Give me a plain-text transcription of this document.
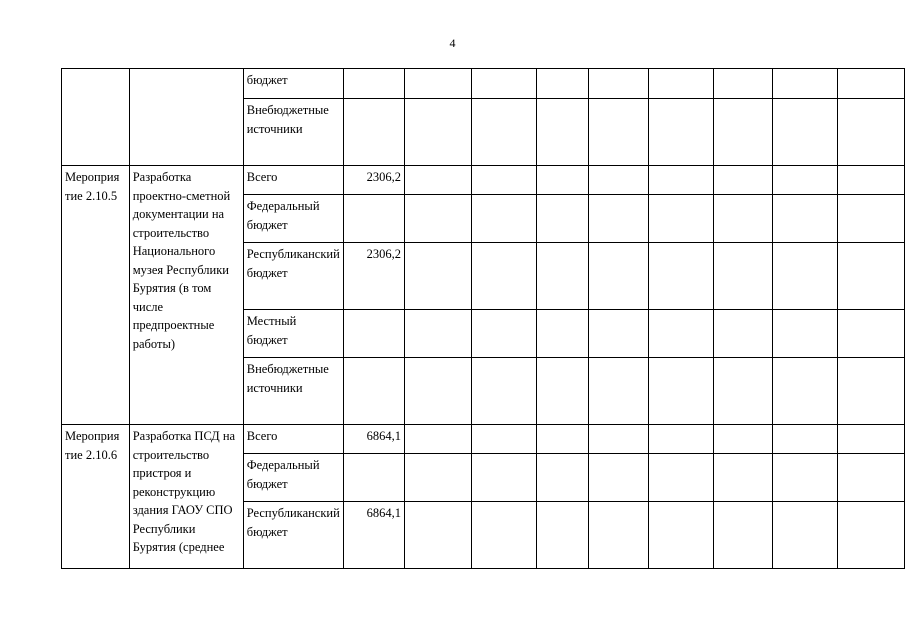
4
		бюджет									
		Внебюджетные источники									
Мероприя тие 2.10.5	Разработка проектно-сметной документации на строительство Национального музея Республики Бурятия (в том числе предпроектные работы)	Всего	2306,2								
		Федеральный бюджет									
		Республиканский бюджет	2306,2								
		Местный бюджет									
		Внебюджетные источники									
Мероприя тие 2.10.6	Разработка ПСД на строительство пристроя и реконструкцию здания ГАОУ СПО Республики Бурятия (среднее	Всего	6864,1								
		Федеральный бюджет									
		Республиканский бюджет	6864,1								
